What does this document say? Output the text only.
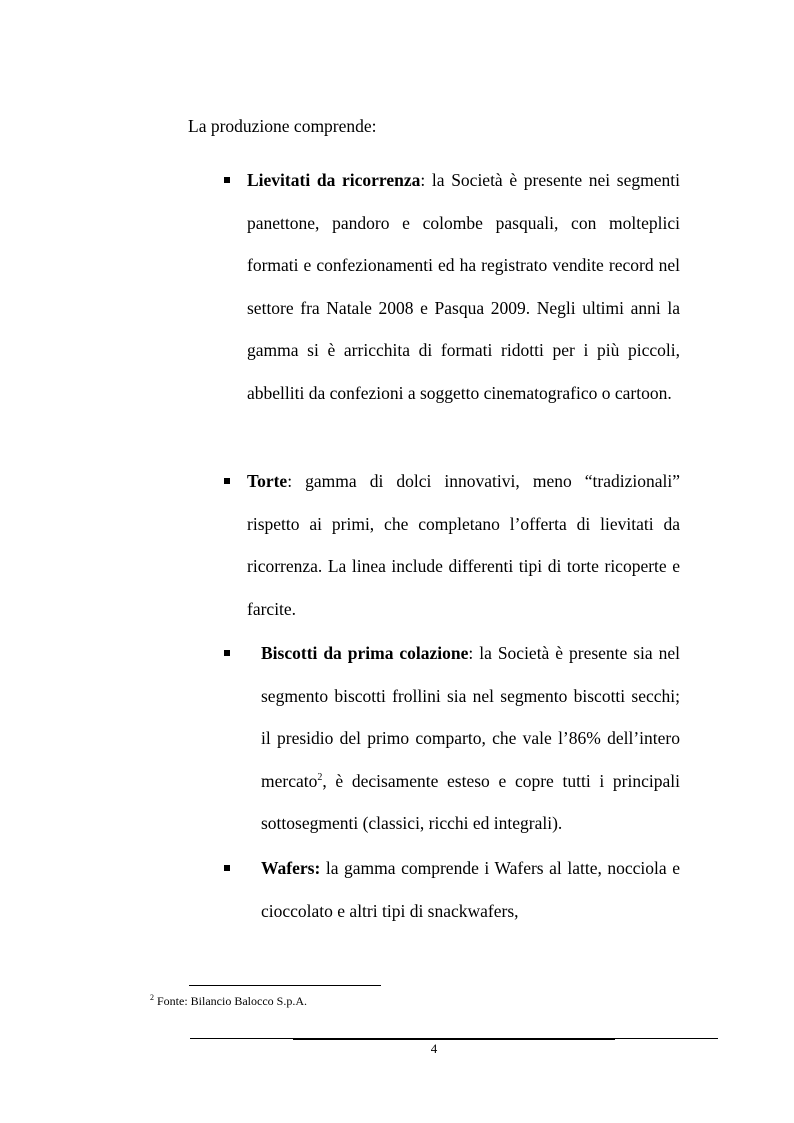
La produzione comprende:
Lievitati da ricorrenza: la Società è presente nei segmenti panettone, pandoro e colombe pasquali, con molteplici formati e confezionamenti ed ha registrato vendite record nel settore fra Natale 2008 e Pasqua 2009. Negli ultimi anni la gamma si è arricchita di formati ridotti per i più piccoli, abbelliti da confezioni a soggetto cinematografico o cartoon.
Torte: gamma di dolci innovativi, meno “tradizionali” rispetto ai primi, che completano l’offerta di lievitati da ricorrenza. La linea include differenti tipi di torte ricoperte e farcite.
Biscotti da prima colazione: la Società è presente sia nel segmento biscotti frollini sia nel segmento biscotti secchi; il presidio del primo comparto, che vale l’86% dell’intero mercato$^2$, è decisamente esteso e copre tutti i principali sottosegmenti (classici, ricchi ed integrali).
Wafers: la gamma comprende i Wafers al latte, nocciola e cioccolato e altri tipi di snackwafers,
$^2$ Fonte: Bilancio Balocco S.p.A.
4
